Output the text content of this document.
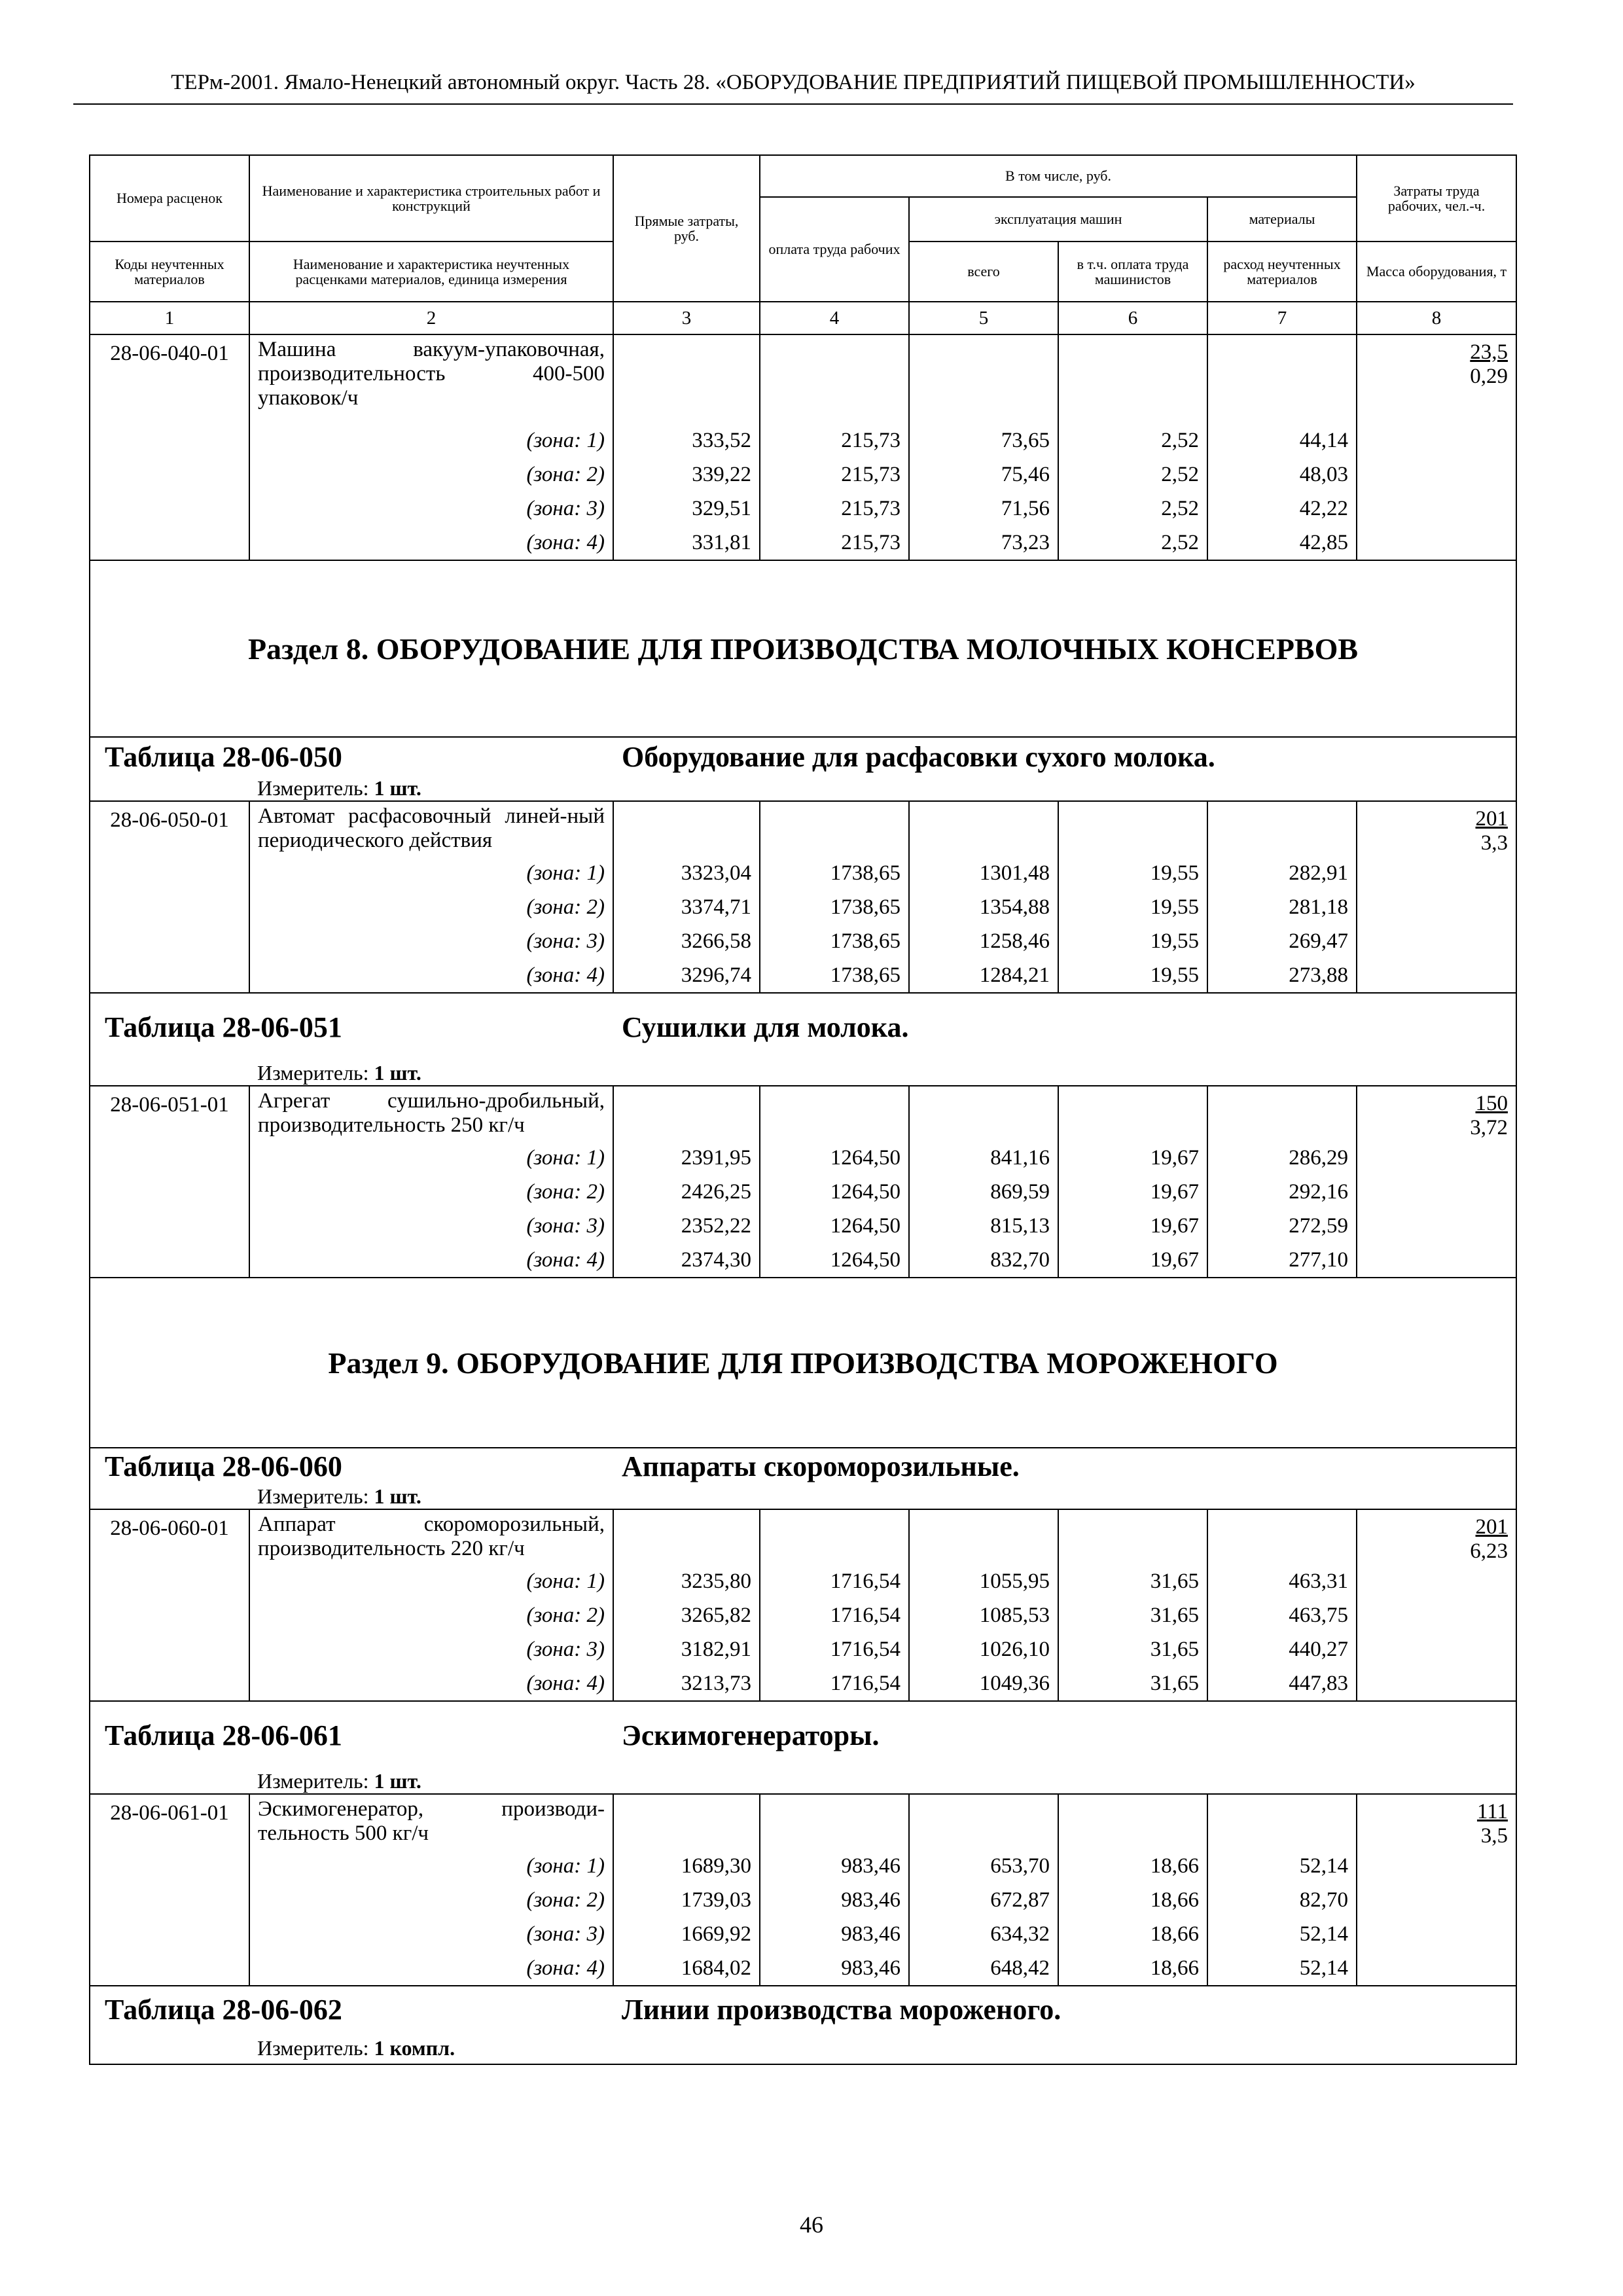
ТЕРм-2001. Ямало-Ненецкий автономный округ. Часть 28. «ОБОРУДОВАНИЕ ПРЕДПРИЯТИЙ ПИЩЕВОЙ ПРОМЫШЛЕННОСТИ»
Номера расценок	Наименование и характеристика строительных работ и конструкций	Прямые затраты, руб.	В том числе, руб.				Затраты труда рабочих, чел.-ч.
			оплата труда рабочих	эксплуатация машин		материалы	
Коды неучтенных материалов	Наименование и характеристика неучтенных расценками материалов, единица измерения			всего	в т.ч. оплата труда машинистов	расход неучтенных материалов	Масса оборудования, т

1	2	3	4	5	6	7	8
28-06-040-01	Машина вакуум-упаковочная, производительность 400-500 упаковок/ч						23,5
0,29
	(зона: 1)	333,52	215,73	73,65	2,52	44,14	
	(зона: 2)	339,22	215,73	75,46	2,52	48,03	
	(зона: 3)	329,51	215,73	71,56	2,52	42,22	
	(зона: 4)	331,81	215,73	73,23	2,52	42,85	
Раздел 8. ОБОРУДОВАНИЕ ДЛЯ ПРОИЗВОДСТВА МОЛОЧНЫХ КОНСЕРВОВ							

Таблица 28-06-050 Оборудование для расфасовки сухого молока.							

	Измеритель: 1 шт.						
28-06-050-01	Автомат расфасовочный линей-ный периодического действия						201
3,3
	(зона: 1)	3323,04	1738,65	1301,48	19,55	282,91	
	(зона: 2)	3374,71	1738,65	1354,88	19,55	281,18	
	(зона: 3)	3266,58	1738,65	1258,46	19,55	269,47	
	(зона: 4)	3296,74	1738,65	1284,21	19,55	273,88	

Таблица 28-06-051 Сушилки для молока.							

	Измеритель: 1 шт.						
28-06-051-01	Агрегат сушильно-дробильный, производительность 250 кг/ч						150
3,72
	(зона: 1)	2391,95	1264,50	841,16	19,67	286,29	
	(зона: 2)	2426,25	1264,50	869,59	19,67	292,16	
	(зона: 3)	2352,22	1264,50	815,13	19,67	272,59	
	(зона: 4)	2374,30	1264,50	832,70	19,67	277,10	
Раздел 9. ОБОРУДОВАНИЕ ДЛЯ ПРОИЗВОДСТВА МОРОЖЕНОГО							

Таблица 28-06-060 Аппараты скороморозильные.							

	Измеритель: 1 шт.						
28-06-060-01	Аппарат скороморозильный, производительность 220 кг/ч						201
6,23
	(зона: 1)	3235,80	1716,54	1055,95	31,65	463,31	
	(зона: 2)	3265,82	1716,54	1085,53	31,65	463,75	
	(зона: 3)	3182,91	1716,54	1026,10	31,65	440,27	
	(зона: 4)	3213,73	1716,54	1049,36	31,65	447,83	

Таблица 28-06-061 Эскимогенераторы.							

	Измеритель: 1 шт.						
28-06-061-01	Эскимогенератор, производи-тельность 500 кг/ч						111
3,5
	(зона: 1)	1689,30	983,46	653,70	18,66	52,14	
	(зона: 2)	1739,03	983,46	672,87	18,66	82,70	
	(зона: 3)	1669,92	983,46	634,32	18,66	52,14	
	(зона: 4)	1684,02	983,46	648,42	18,66	52,14	

Таблица 28-06-062 Линии производства мороженого.							

	Измеритель: 1 компл.						
46
